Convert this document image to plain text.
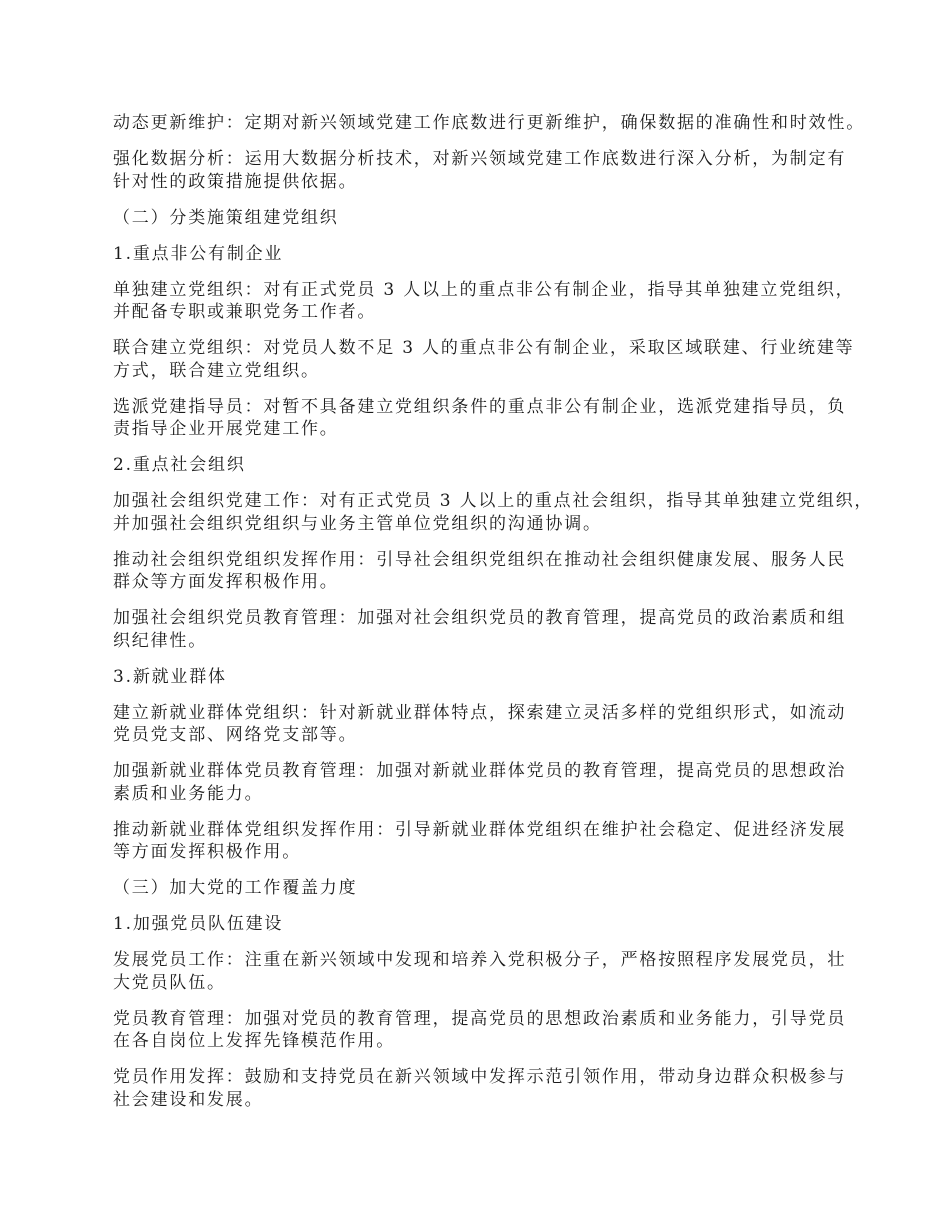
动态更新维护：定期对新兴领域党建工作底数进行更新维护，确保数据的准确性和时效性。

强化数据分析：运用大数据分析技术，对新兴领域党建工作底数进行深入分析，为制定有
针对性的政策措施提供依据。

（二）分类施策组建党组织

1.重点非公有制企业

单独建立党组织：对有正式党员 3 人以上的重点非公有制企业，指导其单独建立党组织，
并配备专职或兼职党务工作者。

联合建立党组织：对党员人数不足 3 人的重点非公有制企业，采取区域联建、行业统建等
方式，联合建立党组织。

选派党建指导员：对暂不具备建立党组织条件的重点非公有制企业，选派党建指导员，负
责指导企业开展党建工作。

2.重点社会组织

加强社会组织党建工作：对有正式党员 3 人以上的重点社会组织，指导其单独建立党组织，
并加强社会组织党组织与业务主管单位党组织的沟通协调。

推动社会组织党组织发挥作用：引导社会组织党组织在推动社会组织健康发展、服务人民
群众等方面发挥积极作用。

加强社会组织党员教育管理：加强对社会组织党员的教育管理，提高党员的政治素质和组
织纪律性。

3.新就业群体

建立新就业群体党组织：针对新就业群体特点，探索建立灵活多样的党组织形式，如流动
党员党支部、网络党支部等。

加强新就业群体党员教育管理：加强对新就业群体党员的教育管理，提高党员的思想政治
素质和业务能力。

推动新就业群体党组织发挥作用：引导新就业群体党组织在维护社会稳定、促进经济发展
等方面发挥积极作用。

（三）加大党的工作覆盖力度

1.加强党员队伍建设

发展党员工作：注重在新兴领域中发现和培养入党积极分子，严格按照程序发展党员，壮
大党员队伍。

党员教育管理：加强对党员的教育管理，提高党员的思想政治素质和业务能力，引导党员
在各自岗位上发挥先锋模范作用。

党员作用发挥：鼓励和支持党员在新兴领域中发挥示范引领作用，带动身边群众积极参与
社会建设和发展。
